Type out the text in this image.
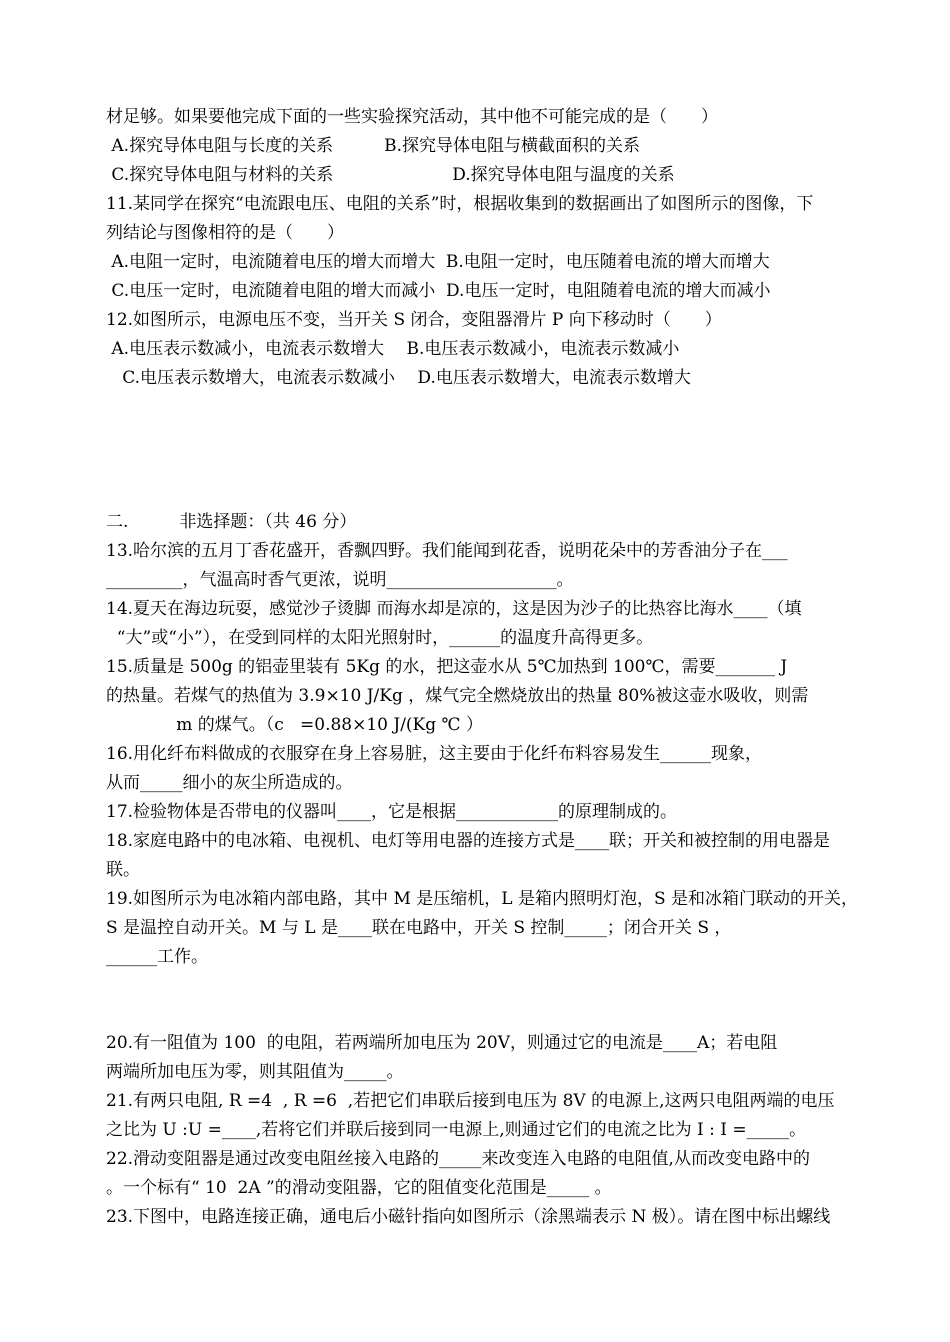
材足够。如果要他完成下面的一些实验探究活动，其中他不可能完成的是（　　）
A.探究导体电阻与长度的关系　　　B.探究导体电阻与横截面积的关系
C.探究导体电阻与材料的关系　　　　　　　D.探究导体电阻与温度的关系
11.某同学在探究“电流跟电压、电阻的关系”时，根据收集到的数据画出了如图所示的图像，下
列结论与图像相符的是（　　）
A.电阻一定时，电流随着电压的增大而增大  B.电阻一定时，电压随着电流的增大而增大
C.电压一定时，电流随着电阻的增大而减小  D.电压一定时，电阻随着电流的增大而减小
12.如图所示，电源电压不变，当开关 S 闭合，变阻器滑片 P 向下移动时（　　）
A.电压表示数减小，电流表示数增大　 B.电压表示数减小，电流表示数减小
C.电压表示数增大，电流表示数减小　 D.电压表示数增大，电流表示数增大
二.　　　非选择题：（共 46 分）
13.哈尔滨的五月丁香花盛开，香飘四野。我们能闻到花香，说明花朵中的芳香油分子在___
_________，气温高时香气更浓，说明____________________。
14.夏天在海边玩耍，感觉沙子烫脚 而海水却是凉的，这是因为沙子的比热容比海水____（填
“大”或“小”），在受到同样的太阳光照射时，______的温度升高得更多。
15.质量是 500g 的铝壶里装有 5Kg 的水，把这壶水从 5℃加热到 100℃，需要_______ J
的热量。若煤气的热值为 3.9×10 J/Kg ，煤气完全燃烧放出的热量 80%被这壶水吸收，则需
m 的煤气。（c   =0.88×10 J/(Kg ℃ ）
16.用化纤布料做成的衣服穿在身上容易脏，这主要由于化纤布料容易发生______现象，
从而_____细小的灰尘所造成的。
17.检验物体是否带电的仪器叫____，它是根据____________的原理制成的。
18.家庭电路中的电冰箱、电视机、电灯等用电器的连接方式是____联；开关和被控制的用电器是
联。
19.如图所示为电冰箱内部电路，其中 M 是压缩机，L 是箱内照明灯泡，S 是和冰箱门联动的开关，
S 是温控自动开关。M 与 L 是____联在电路中，开关 S 控制_____；闭合开关 S ，
______工作。
20.有一阻值为 100  的电阻，若两端所加电压为 20V，则通过它的电流是____A；若电阻
两端所加电压为零，则其阻值为_____。
21.有两只电阻, R =4  , R =6  ,若把它们串联后接到电压为 8V 的电源上,这两只电阻两端的电压
之比为 U :U =____,若将它们并联后接到同一电源上,则通过它们的电流之比为 I : I =_____。
22.滑动变阻器是通过改变电阻丝接入电路的_____来改变连入电路的电阻值,从而改变电路中的
。一个标有“ 10  2A ”的滑动变阻器，它的阻值变化范围是_____ 。
23.下图中，电路连接正确，通电后小磁针指向如图所示（涂黑端表示 N 极）。请在图中标出螺线
